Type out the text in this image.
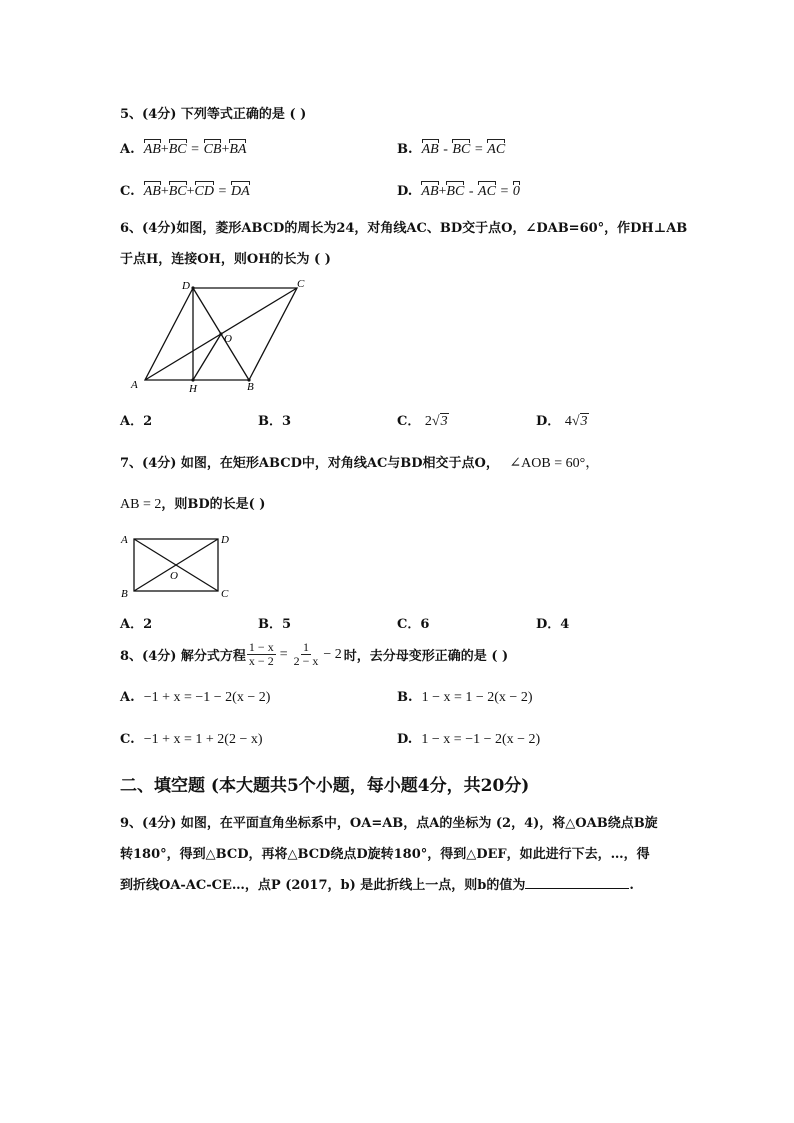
5、(4分) 下列等式正确的是 ( )
A. AB+BC = CB+BA	B. AB - BC = AC
C. AB+BC+CD = DA	D. AB+BC - AC = 0
6、(4分)如图，菱形ABCD的周长为24，对角线AC、BD交于点O，∠DAB=60°，作DH⊥AB
于点H，连接OH，则OH的长为 ( )
A	B
C
D
O
H
A．2	B．3	C． 2√3	D． 4√3
7、(4分) 如图，在矩形ABCD中，对角线AC与BD相交于点O， ∠AOB = 60°，
AB = 2，则BD的长是( )
A
B	C
D
O
A．2	B．5	C．6	D．4
8、(4分) 解分式方程 $\frac{1 - x}{x - 2} = \frac{1}{2 - x} - 2$ 时，去分母变形正确的是 ( )
A. −1 + x = −1 − 2(x − 2)	B. 1 − x = 1 − 2(x − 2)
C. −1 + x = 1 + 2(2 − x)	D. 1 − x = −1 − 2(x − 2)
二、填空题 (本大题共5个小题，每小题4分，共20分)
9、(4分) 如图，在平面直角坐标系中，OA=AB，点A的坐标为 (2，4)，将△OAB绕点B旋
转180°，得到△BCD，再将△BCD绕点D旋转180°，得到△DEF，如此进行下去，…，得
到折线OA-AC-CE…，点P (2017，b) 是此折线上一点，则b的值为	.
